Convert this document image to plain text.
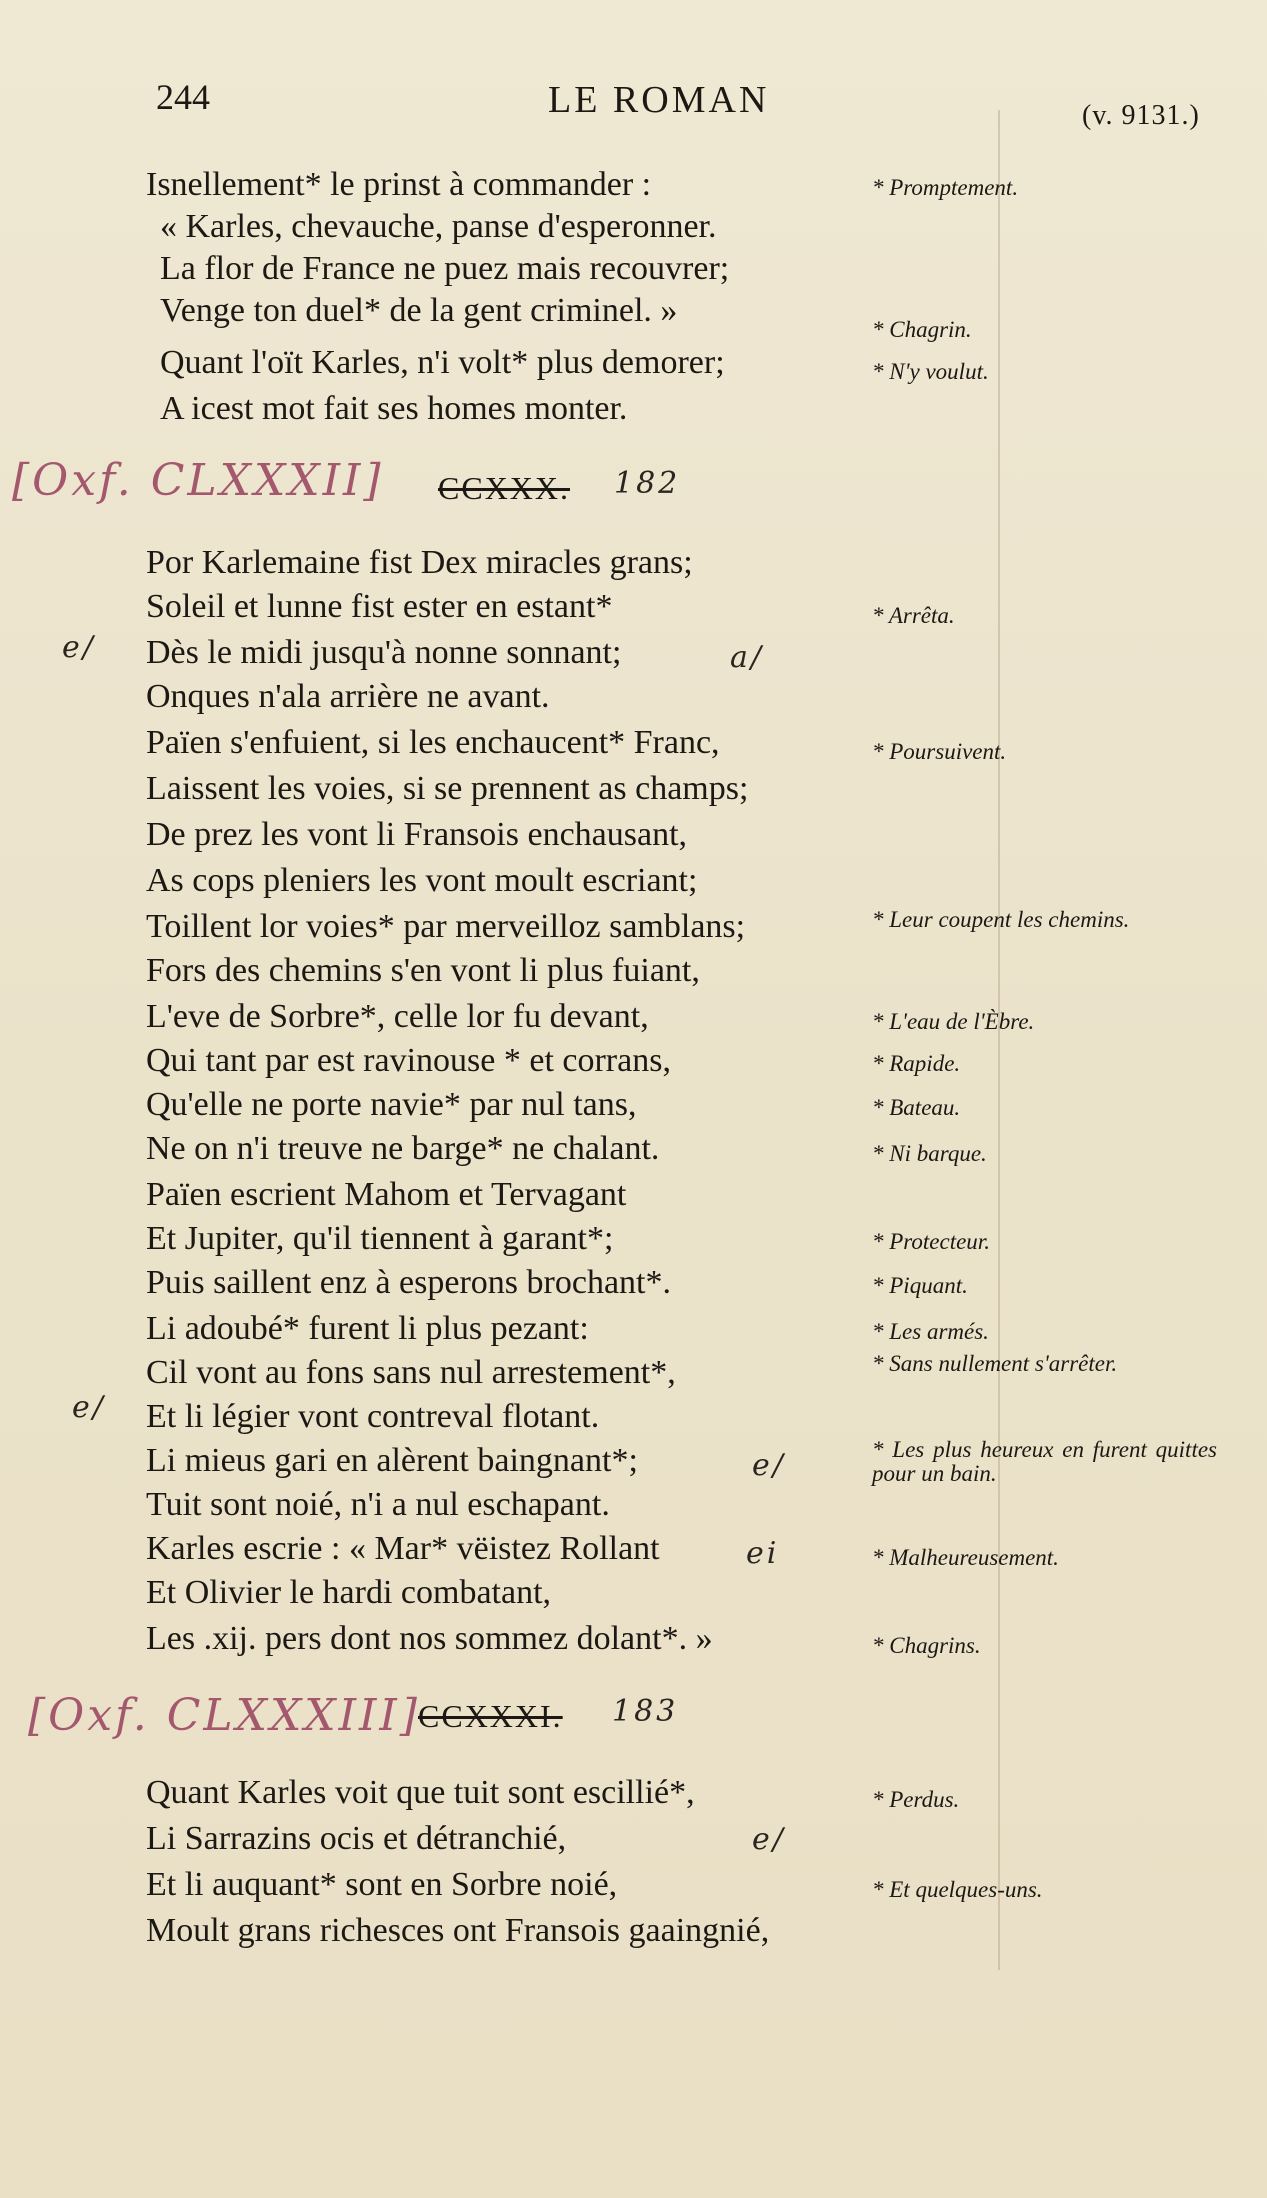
244	LE ROMAN	(v. 9131.)
Isnellement* le prinst à commander :	* Promptement.
« Karles, chevauche, panse d'esperonner.
La flor de France ne puez mais recouvrer;
Venge ton duel* de la gent criminel. »
* Chagrin.
Quant l'oït Karles, n'i volt* plus demorer;	* N'y voulut.
A icest mot fait ses homes monter.
[Oxf. CLXXXII] CCXXX. 182
Por Karlemaine fist Dex miracles grans;
Soleil et lunne fist ester en estant*	* Arrêta.
Dès le midi jusqu'à nonne sonnant;
Onques n'ala arrière ne avant.
Païen s'enfuient, si les enchaucent* Franc,	* Poursuivent.
Laissent les voies, si se prennent as champs;
De prez les vont li Fransois enchausant,
As cops pleniers les vont moult escriant;
Toillent lor voies* par merveilloz samblans;	* Leur coupent les chemins.
Fors des chemins s'en vont li plus fuiant,
L'eve de Sorbre*, celle lor fu devant,	* L'eau de l'Èbre.
Qui tant par est ravinouse * et corrans,	* Rapide.
Qu'elle ne porte navie* par nul tans,	* Bateau.
Ne on n'i treuve ne barge* ne chalant.	* Ni barque.
Païen escrient Mahom et Tervagant
Et Jupiter, qu'il tiennent à garant*;	* Protecteur.
Puis saillent enz à esperons brochant*.	* Piquant.
Li adoubé* furent li plus pezant:	* Les armés.
Cil vont au fons sans nul arrestement*,	* Sans nullement s'arrêter.
Et li légier vont contreval flotant.
Li mieus gari en alèrent baingnant*;	* Les plus heureux en furent quittes pour un bain.
Tuit sont noié, n'i a nul eschapant.
Karles escrie : « Mar* vëistez Rollant	* Malheureusement.
Et Olivier le hardi combatant,
Les .xij. pers dont nos sommez dolant*. »	* Chagrins.
[Oxf. CLXXXIII]
CCXXXI. 183
Quant Karles voit que tuit sont escillié*,	* Perdus.
Li Sarrazins ocis et détranchié,
Et li auquant* sont en Sorbre noié,	* Et quelques-uns.
Moult grans richesces ont Fransois gaaingnié,
e/	a/
e/
e/
ei
e/
